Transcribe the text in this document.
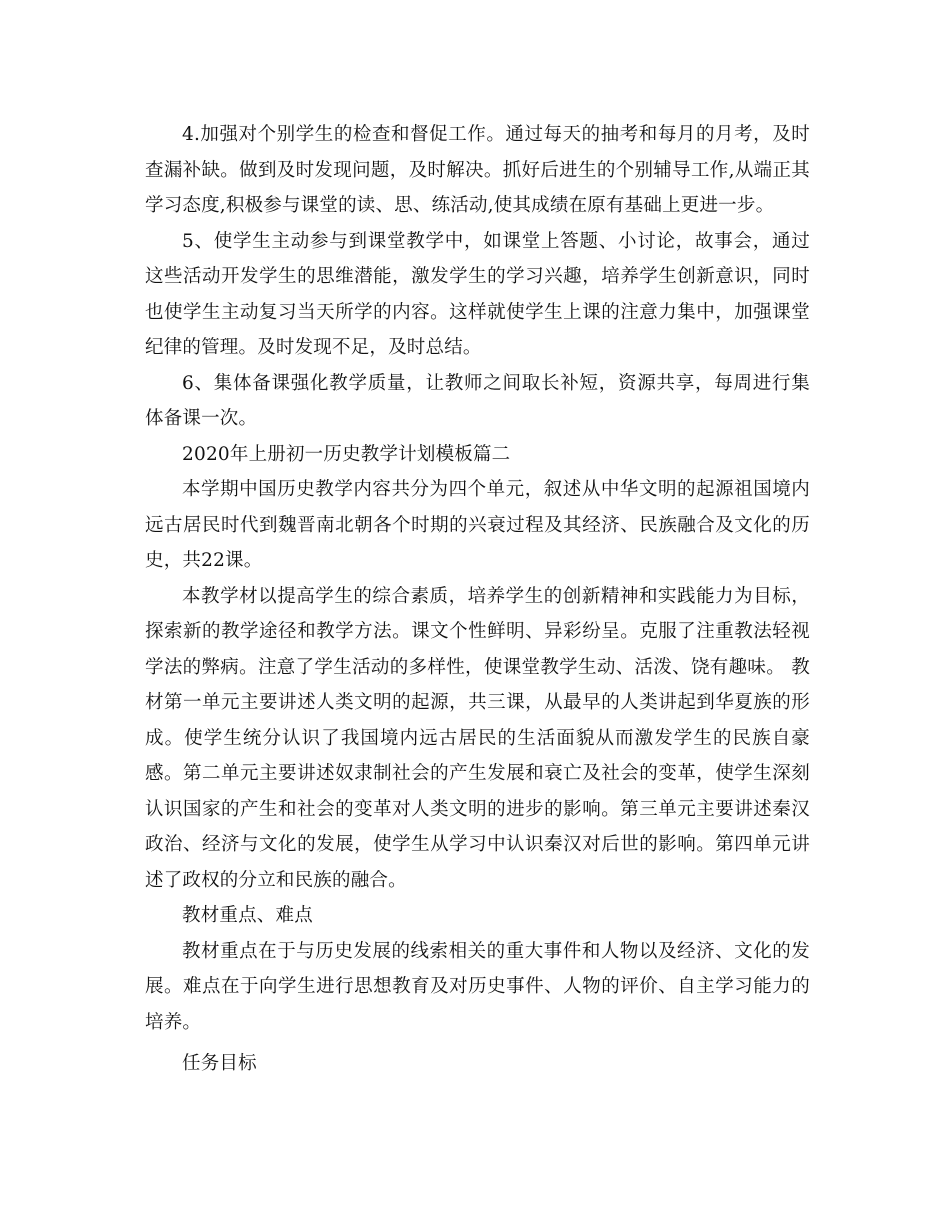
4.加强对个别学生的检查和督促工作。通过每天的抽考和每月的月考，及时查漏补缺。做到及时发现问题，及时解决。抓好后进生的个别辅导工作,从端正其学习态度,积极参与课堂的读、思、练活动,使其成绩在原有基础上更进一步。

5、使学生主动参与到课堂教学中，如课堂上答题、小讨论，故事会，通过这些活动开发学生的思维潜能，激发学生的学习兴趣，培养学生创新意识，同时也使学生主动复习当天所学的内容。这样就使学生上课的注意力集中，加强课堂纪律的管理。及时发现不足，及时总结。

6、集体备课强化教学质量，让教师之间取长补短，资源共享，每周进行集体备课一次。

2020年上册初一历史教学计划模板篇二

本学期中国历史教学内容共分为四个单元，叙述从中华文明的起源祖国境内远古居民时代到魏晋南北朝各个时期的兴衰过程及其经济、民族融合及文化的历史，共22课。

本教学材以提高学生的综合素质，培养学生的创新精神和实践能力为目标，探索新的教学途径和教学方法。课文个性鲜明、异彩纷呈。克服了注重教法轻视学法的弊病。注意了学生活动的多样性，使课堂教学生动、活泼、饶有趣味。 教材第一单元主要讲述人类文明的起源，共三课，从最早的人类讲起到华夏族的形成。使学生统分认识了我国境内远古居民的生活面貌从而激发学生的民族自豪感。第二单元主要讲述奴隶制社会的产生发展和衰亡及社会的变革，使学生深刻认识国家的产生和社会的变革对人类文明的进步的影响。第三单元主要讲述秦汉政治、经济与文化的发展，使学生从学习中认识秦汉对后世的影响。第四单元讲述了政权的分立和民族的融合。

教材重点、难点

教材重点在于与历史发展的线索相关的重大事件和人物以及经济、文化的发展。难点在于向学生进行思想教育及对历史事件、人物的评价、自主学习能力的培养。

任务目标
